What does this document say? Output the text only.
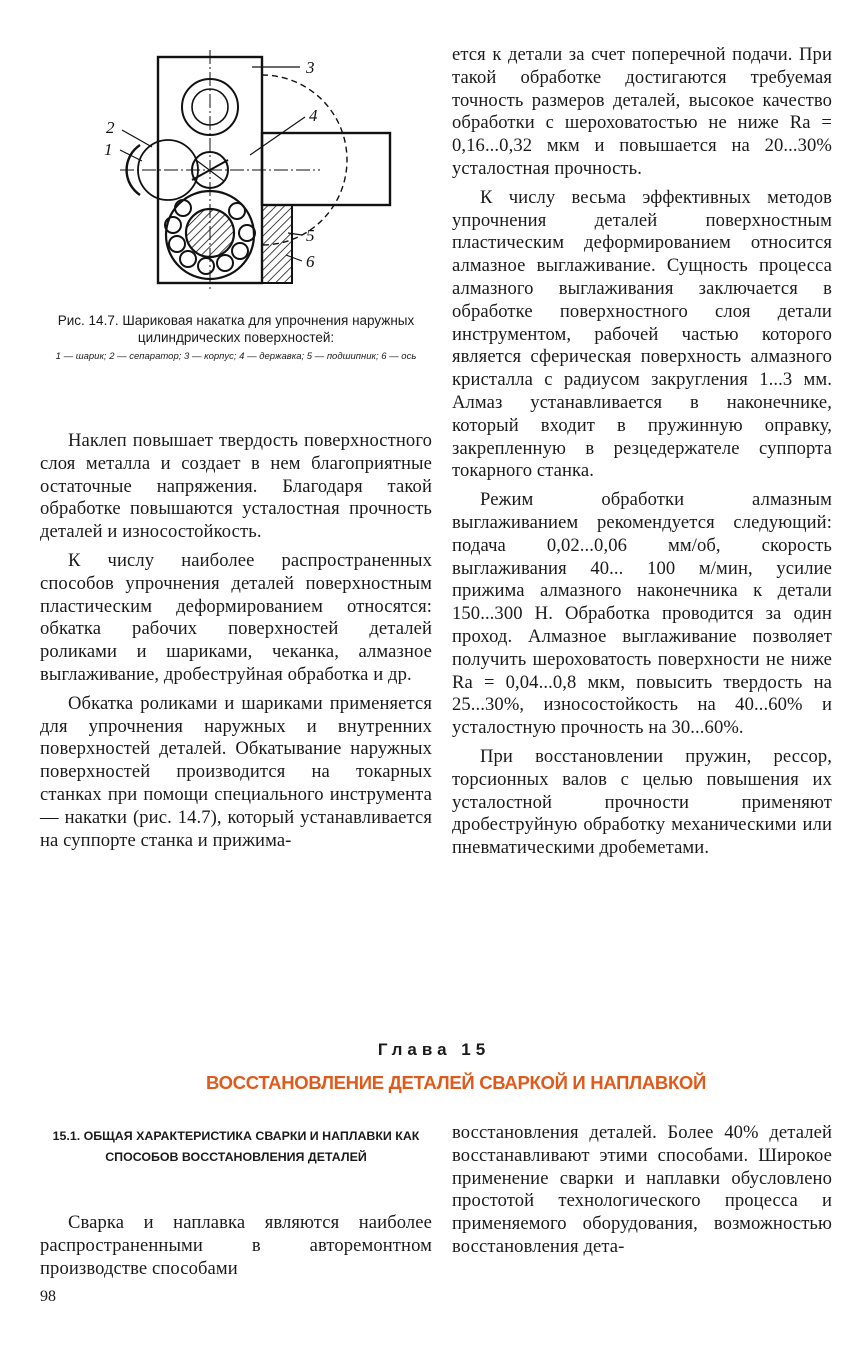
3
4
2
1
5
6

Рис. 14.7. Шариковая накатка для упрочнения наружных цилиндрических поверхностей:

1 — шарик; 2 — сепаратор; 3 — корпус; 4 — державка; 5 — подшипник; 6 — ось

Наклеп повышает твердость поверхностного слоя металла и создает в нем благоприятные остаточные напряжения. Благодаря такой обработке повышаются усталостная прочность деталей и износостойкость.

К числу наиболее распространенных способов упрочнения деталей поверхностным пластическим деформированием относятся: обкатка рабочих поверхностей деталей роликами и шариками, чеканка, алмазное выглаживание, дробеструйная обработка и др.

Обкатка роликами и шариками применяется для упрочнения наружных и внутренних поверхностей деталей. Обкатывание наружных поверхностей производится на токарных станках при помощи специального инструмента — накатки (рис. 14.7), который устанавливается на суппорте станка и прижима-

ется к детали за счет поперечной подачи. При такой обработке достигаются требуемая точность размеров деталей, высокое качество обработки с шероховатостью не ниже Ra = 0,16...0,32 мкм и повышается на 20...30% усталостная прочность.

К числу весьма эффективных методов упрочнения деталей поверхностным пластическим деформированием относится алмазное выглаживание. Сущность процесса алмазного выглаживания заключается в обработке поверхностного слоя детали инструментом, рабочей частью которого является сферическая поверхность алмазного кристалла с радиусом закругления 1...3 мм. Алмаз устанавливается в наконечнике, который входит в пружинную оправку, закрепленную в резцедержателе суппорта токарного станка.

Режим обработки алмазным выглаживанием рекомендуется следующий: подача 0,02...0,06 мм/об, скорость выглаживания 40... 100 м/мин, усилие прижима алмазного наконечника к детали 150...300 Н. Обработка проводится за один проход. Алмазное выглаживание позволяет получить шероховатость поверхности не ниже Ra = 0,04...0,8 мкм, повысить твердость на 25...30%, износостойкость на 40...60% и усталостную прочность на 30...60%.

При восстановлении пружин, рессор, торсионных валов с целью повышения их усталостной прочности применяют дробеструйную обработку механическими или пневматическими дробеметами.

Глава 15
ВОССТАНОВЛЕНИЕ ДЕТАЛЕЙ СВАРКОЙ И НАПЛАВКОЙ
15.1. ОБЩАЯ ХАРАКТЕРИСТИКА СВАРКИ И НАПЛАВКИ КАК СПОСОБОВ ВОССТАНОВЛЕНИЯ ДЕТАЛЕЙ

Сварка и наплавка являются наиболее распространенными в авторемонтном производстве способами

восстановления деталей. Более 40% деталей восстанавливают этими способами. Широкое применение сварки и наплавки обусловлено простотой технологического процесса и применяемого оборудования, возможностью восстановления дета-

98
